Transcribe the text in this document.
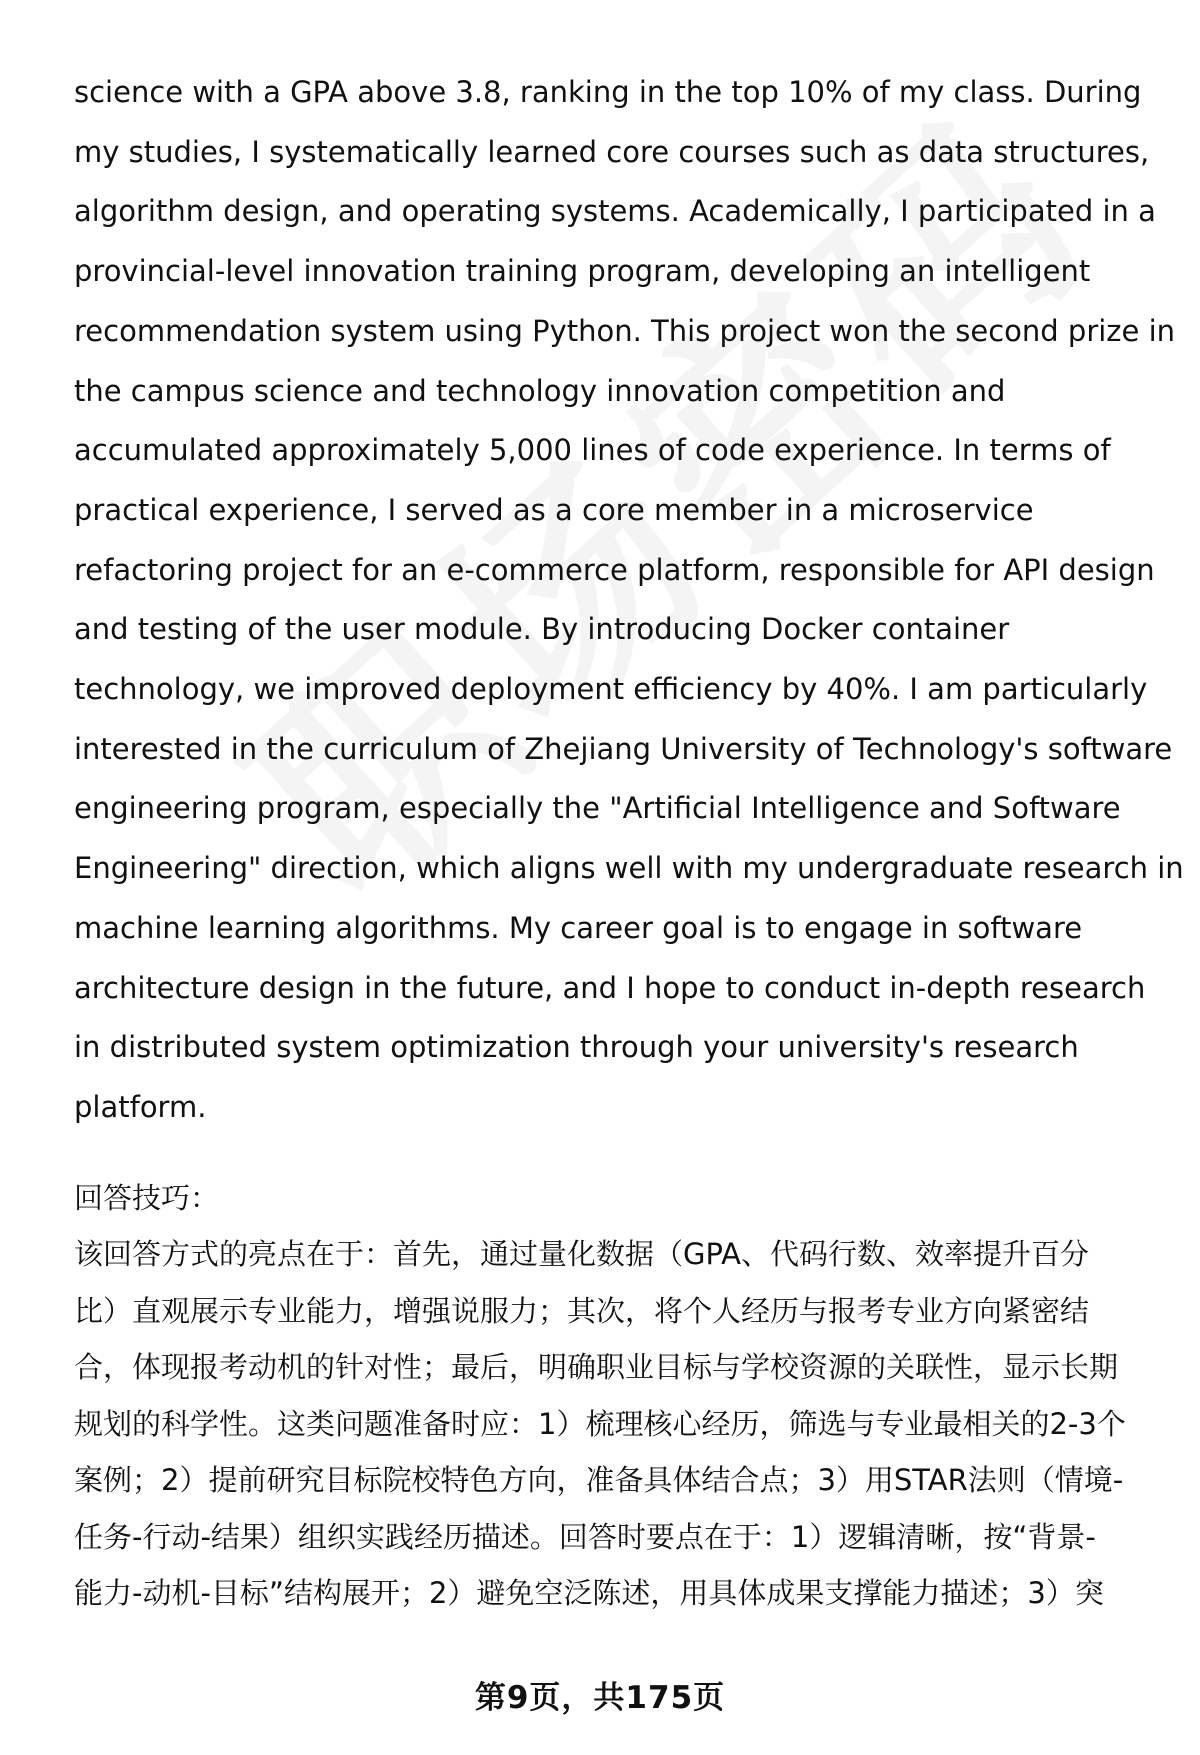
science with a GPA above 3.8, ranking in the top 10% of my class. During
my studies, I systematically learned core courses such as data structures,
algorithm design, and operating systems. Academically, I participated in a
provincial-level innovation training program, developing an intelligent
recommendation system using Python. This project won the second prize in
the campus science and technology innovation competition and
accumulated approximately 5,000 lines of code experience. In terms of
practical experience, I served as a core member in a microservice
refactoring project for an e-commerce platform, responsible for API design
and testing of the user module. By introducing Docker container
technology, we improved deployment efficiency by 40%. I am particularly
interested in the curriculum of Zhejiang University of Technology's software
engineering program, especially the "Artificial Intelligence and Software
Engineering" direction, which aligns well with my undergraduate research in
machine learning algorithms. My career goal is to engage in software
architecture design in the future, and I hope to conduct in-depth research
in distributed system optimization through your university's research
platform.
回答技巧：
该回答方式的亮点在于：首先，通过量化数据（GPA、代码行数、效率提升百分
比）直观展示专业能力，增强说服力；其次，将个人经历与报考专业方向紧密结
合，体现报考动机的针对性；最后，明确职业目标与学校资源的关联性，显示长期
规划的科学性。这类问题准备时应：1）梳理核心经历，筛选与专业最相关的2-3个
案例；2）提前研究目标院校特色方向，准备具体结合点；3）用STAR法则（情境-
任务-行动-结果）组织实践经历描述。回答时要点在于：1）逻辑清晰，按“背景-
能力-动机-目标”结构展开；2）避免空泛陈述，用具体成果支撑能力描述；3）突
第9页，共175页
